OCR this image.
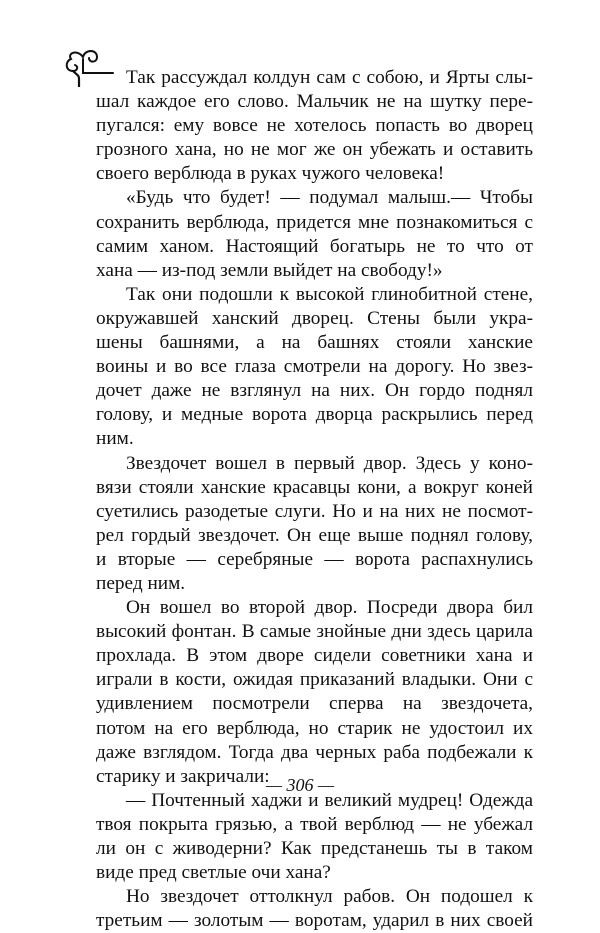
Так рассуждал колдун сам с собою, и Ярты слы-
шал каждое его слово. Мальчик не на шутку пере-
пугался: ему вовсе не хотелось попасть во дворец
грозного хана, но не мог же он убежать и оставить
своего верблюда в руках чужого человека!
«Будь что будет! — подумал малыш.— Чтобы
сохранить верблюда, придется мне познакомиться с
самим ханом. Настоящий богатырь не то что от
хана — из-под земли выйдет на свободу!»
Так они подошли к высокой глинобитной стене,
окружавшей ханский дворец. Стены были укра-
шены башнями, а на башнях стояли ханские
воины и во все глаза смотрели на дорогу. Но звез-
дочет даже не взглянул на них. Он гордо поднял
голову, и медные ворота дворца раскрылись перед
ним.
Звездочет вошел в первый двор. Здесь у коно-
вязи стояли ханские красавцы кони, а вокруг коней
суетились разодетые слуги. Но и на них не посмот-
рел гордый звездочет. Он еще выше поднял голову,
и вторые — серебряные — ворота распахнулись
перед ним.
Он вошел во второй двор. Посреди двора бил
высокий фонтан. В самые знойные дни здесь царила
прохлада. В этом дворе сидели советники хана и
играли в кости, ожидая приказаний владыки. Они с
удивлением посмотрели сперва на звездочета,
потом на его верблюда, но старик не удостоил их
даже взглядом. Тогда два черных раба подбежали к
старику и закричали:
— Почтенный хаджи и великий мудрец! Одежда
твоя покрыта грязью, а твой верблюд — не убежал
ли он с живодерни? Как предстанешь ты в таком
виде пред светлые очи хана?
Но звездочет оттолкнул рабов. Он подошел к
третьим — золотым — воротам, ударил в них своей
— 306 —
